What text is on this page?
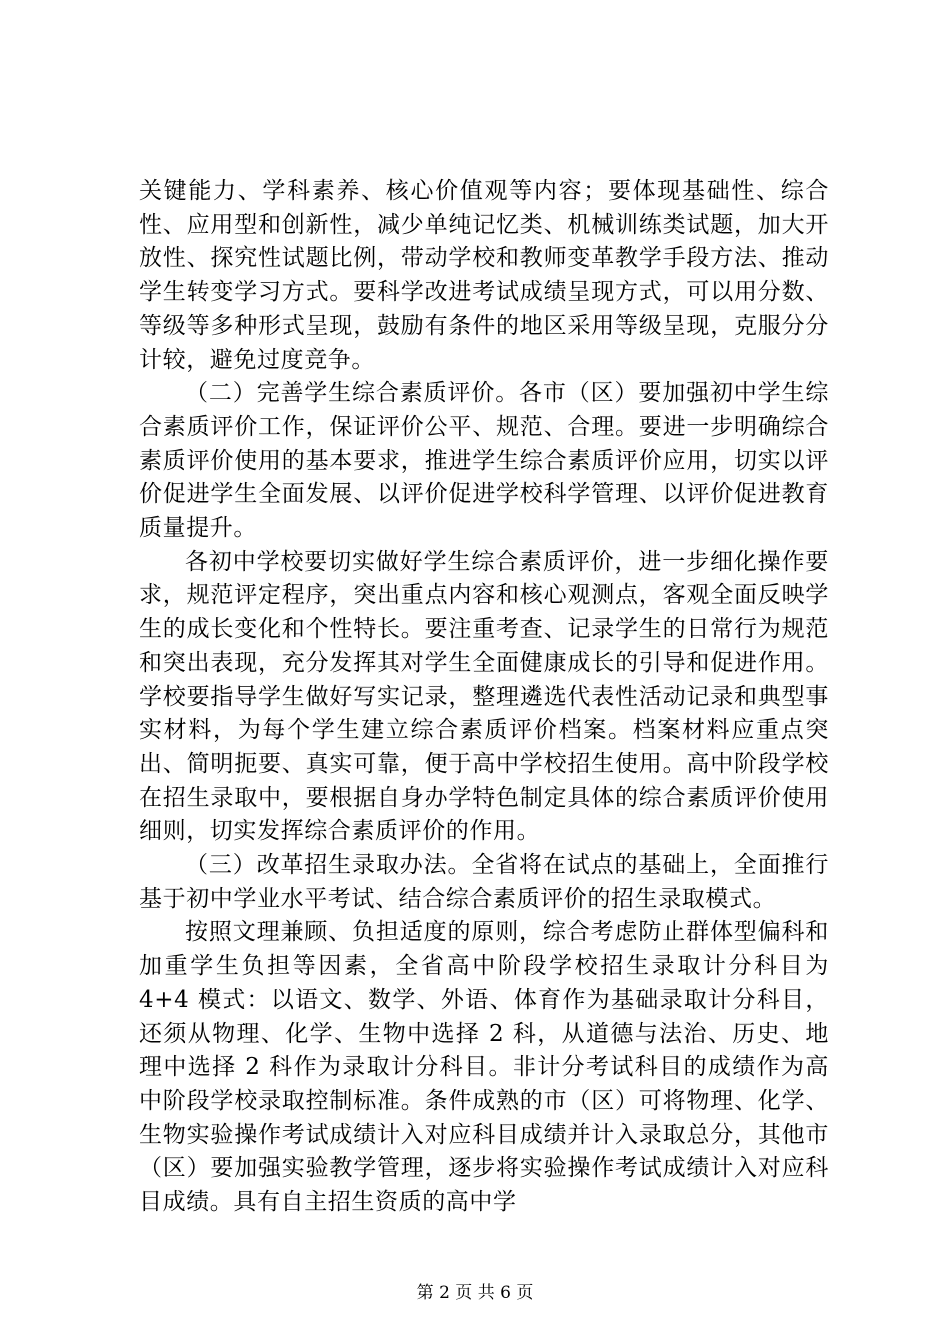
关键能力、学科素养、核心价值观等内容；要体现基础性、综合性、应用型和创新性，减少单纯记忆类、机械训练类试题，加大开放性、探究性试题比例，带动学校和教师变革教学手段方法、推动学生转变学习方式。要科学改进考试成绩呈现方式，可以用分数、等级等多种形式呈现，鼓励有条件的地区采用等级呈现，克服分分计较，避免过度竞争。

（二）完善学生综合素质评价。各市（区）要加强初中学生综合素质评价工作，保证评价公平、规范、合理。要进一步明确综合素质评价使用的基本要求，推进学生综合素质评价应用，切实以评价促进学生全面发展、以评价促进学校科学管理、以评价促进教育质量提升。

各初中学校要切实做好学生综合素质评价，进一步细化操作要求，规范评定程序，突出重点内容和核心观测点，客观全面反映学生的成长变化和个性特长。要注重考查、记录学生的日常行为规范和突出表现，充分发挥其对学生全面健康成长的引导和促进作用。学校要指导学生做好写实记录，整理遴选代表性活动记录和典型事实材料，为每个学生建立综合素质评价档案。档案材料应重点突出、简明扼要、真实可靠，便于高中学校招生使用。高中阶段学校在招生录取中，要根据自身办学特色制定具体的综合素质评价使用细则，切实发挥综合素质评价的作用。

（三）改革招生录取办法。全省将在试点的基础上，全面推行基于初中学业水平考试、结合综合素质评价的招生录取模式。

按照文理兼顾、负担适度的原则，综合考虑防止群体型偏科和加重学生负担等因素，全省高中阶段学校招生录取计分科目为 4+4 模式：以语文、数学、外语、体育作为基础录取计分科目，还须从物理、化学、生物中选择 2 科，从道德与法治、历史、地理中选择 2 科作为录取计分科目。非计分考试科目的成绩作为高中阶段学校录取控制标准。条件成熟的市（区）可将物理、化学、生物实验操作考试成绩计入对应科目成绩并计入录取总分，其他市（区）要加强实验教学管理，逐步将实验操作考试成绩计入对应科目成绩。具有自主招生资质的高中学

第 2 页 共 6 页
